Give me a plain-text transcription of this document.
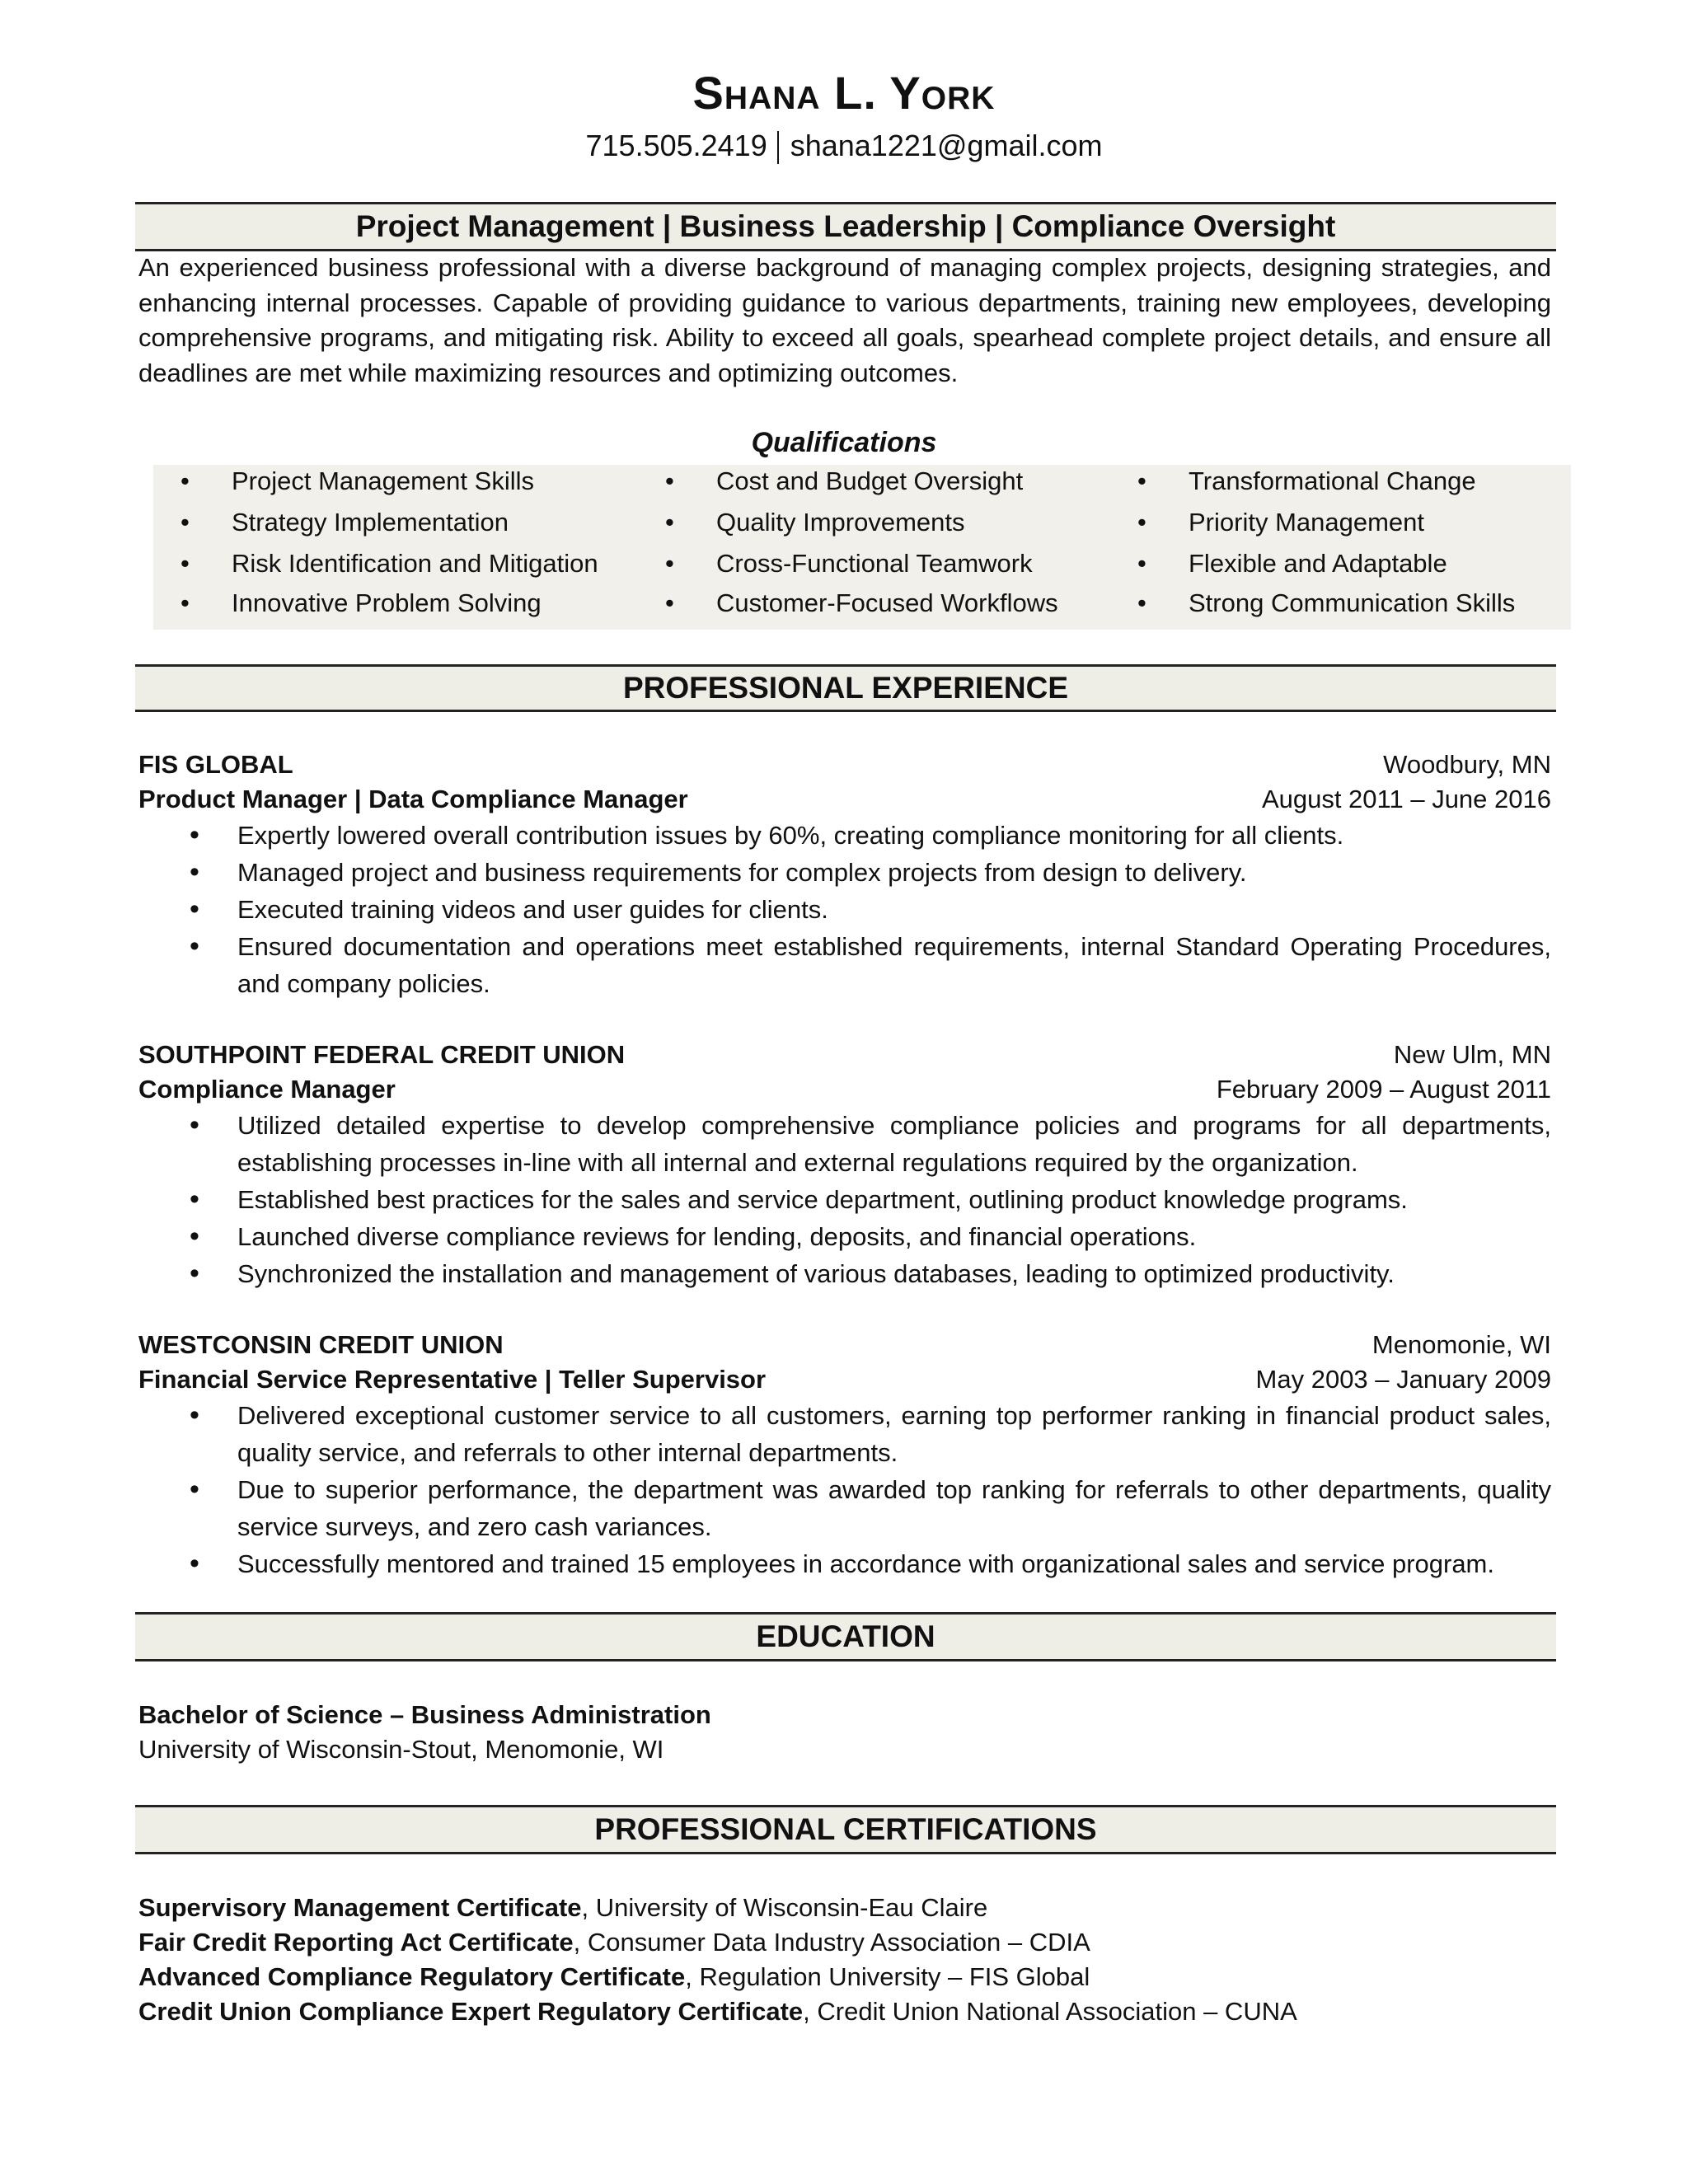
Shana L. York
715.505.2419 shana1221@gmail.com
Project Management | Business Leadership | Compliance Oversight
An experienced business professional with a diverse background of managing complex projects, designing strategies, and enhancing internal processes. Capable of providing guidance to various departments, training new employees, developing comprehensive programs, and mitigating risk. Ability to exceed all goals, spearhead complete project details, and ensure all deadlines are met while maximizing resources and optimizing outcomes.
Qualifications
• Project Management Skills
• Strategy Implementation
• Risk Identification and Mitigation
• Innovative Problem Solving
• Cost and Budget Oversight
• Quality Improvements
• Cross-Functional Teamwork
• Customer-Focused Workflows
• Transformational Change
• Priority Management
• Flexible and Adaptable
• Strong Communication Skills
PROFESSIONAL EXPERIENCE
FIS GLOBAL	Woodbury, MN
Product Manager | Data Compliance Manager	August 2011 – June 2016
• Expertly lowered overall contribution issues by 60%, creating compliance monitoring for all clients.
• Managed project and business requirements for complex projects from design to delivery.
• Executed training videos and user guides for clients.
• Ensured documentation and operations meet established requirements, internal Standard Operating Procedures, and company policies.
SOUTHPOINT FEDERAL CREDIT UNION	New Ulm, MN
Compliance Manager	February 2009 – August 2011
• Utilized detailed expertise to develop comprehensive compliance policies and programs for all departments, establishing processes in-line with all internal and external regulations required by the organization.
• Established best practices for the sales and service department, outlining product knowledge programs.
• Launched diverse compliance reviews for lending, deposits, and financial operations.
• Synchronized the installation and management of various databases, leading to optimized productivity.
WESTCONSIN CREDIT UNION	Menomonie, WI
Financial Service Representative | Teller Supervisor	May 2003 – January 2009
• Delivered exceptional customer service to all customers, earning top performer ranking in financial product sales, quality service, and referrals to other internal departments.
• Due to superior performance, the department was awarded top ranking for referrals to other departments, quality service surveys, and zero cash variances.
• Successfully mentored and trained 15 employees in accordance with organizational sales and service program.
EDUCATION
Bachelor of Science – Business Administration
University of Wisconsin-Stout, Menomonie, WI
PROFESSIONAL CERTIFICATIONS
Supervisory Management Certificate, University of Wisconsin-Eau Claire
Fair Credit Reporting Act Certificate, Consumer Data Industry Association – CDIA
Advanced Compliance Regulatory Certificate, Regulation University – FIS Global
Credit Union Compliance Expert Regulatory Certificate, Credit Union National Association – CUNA
